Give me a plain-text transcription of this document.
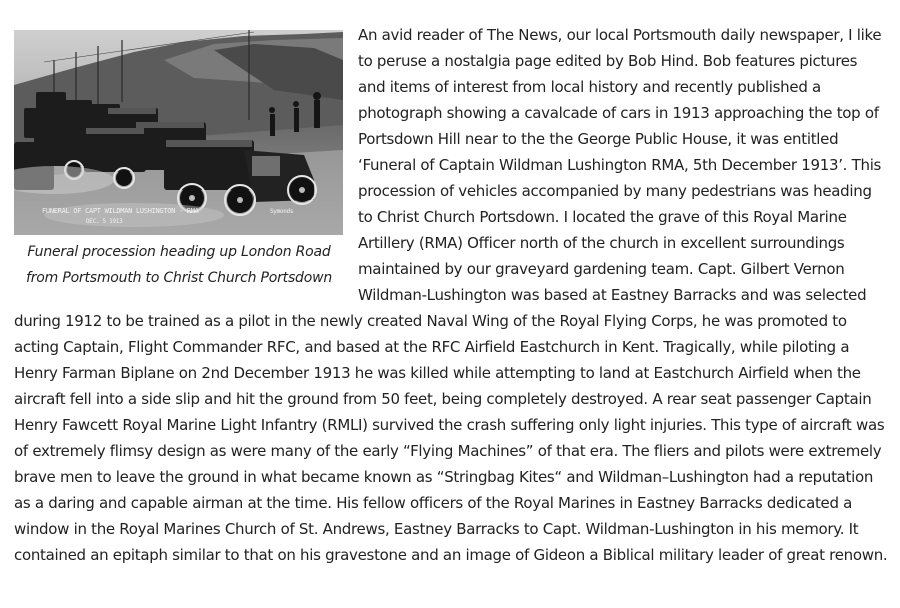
FUNERAL OF CAPT WILDMAN LUSHINGTON - RMA
DEC. 5 1913
Symonds
Funeral procession heading up London Road from Portsmouth to Christ Church Portsdown

An avid reader of The News, our local Portsmouth daily newspaper, I like to peruse a nostalgia page edited by Bob Hind. Bob features pictures and items of interest from local history and recently published a photograph showing a cavalcade of cars in 1913 approaching the top of Portsdown Hill near to the the George Public House, it was entitled ‘Funeral of Captain Wildman Lushington RMA, 5th December 1913’. This procession of vehicles accompanied by many pedestrians was heading to Christ Church Portsdown. I located the grave of this Royal Marine Artillery (RMA) Officer north of the church in excellent surroundings maintained by our graveyard gardening team. Capt. Gilbert Vernon Wildman-Lushington was based at Eastney Barracks and was selected during 1912 to be trained as a pilot in the newly created Naval Wing of the Royal Flying Corps, he was promoted to acting Captain, Flight Commander RFC, and based at the RFC Airfield Eastchurch in Kent. Tragically, while piloting a Henry Farman Biplane on 2nd December 1913 he was killed while attempting to land at Eastchurch Airfield when the aircraft fell into a side slip and hit the ground from 50 feet, being completely destroyed. A rear seat passenger Captain Henry Fawcett Royal Marine Light Infantry (RMLI) survived the crash suffering only light injuries. This type of aircraft was of extremely flimsy design as were many of the early “Flying Machines” of that era. The fliers and pilots were extremely brave men to leave the ground in what became known as “Stringbag Kites“ and Wildman–Lushington had a reputation as a daring and capable airman at the time. His fellow officers of the Royal Marines in Eastney Barracks dedicated a window in the Royal Marines Church of St. Andrews, Eastney Barracks to Capt. Wildman-Lushington in his memory. It contained an epitaph similar to that on his gravestone and an image of Gideon a Biblical military leader of great renown.
